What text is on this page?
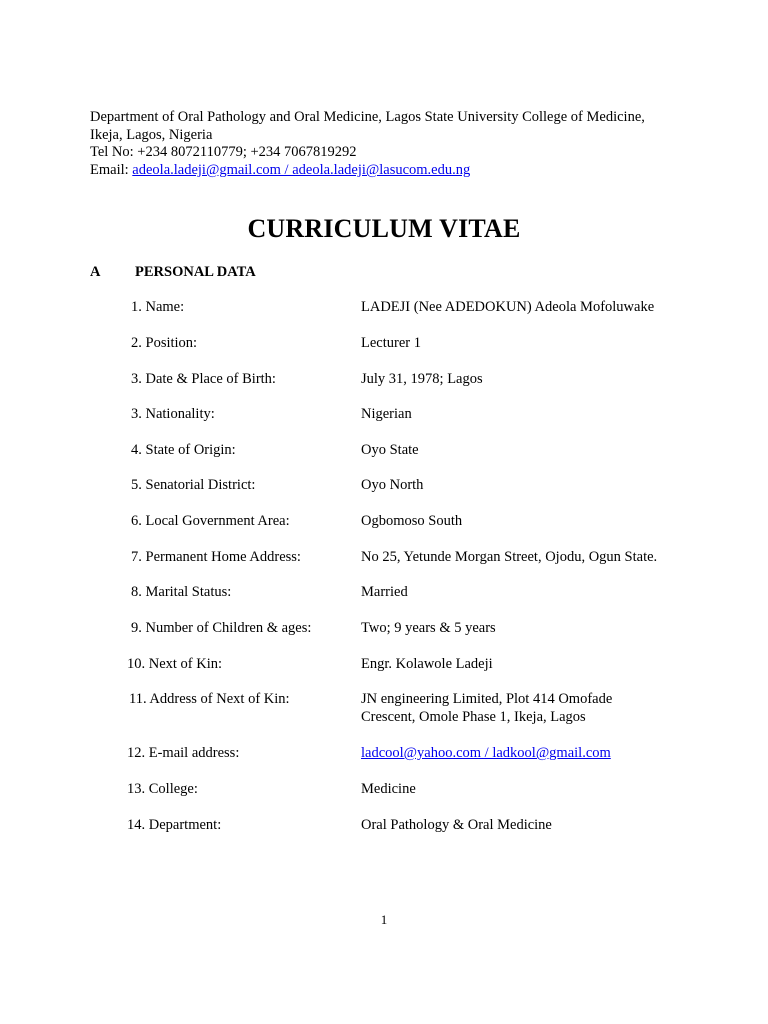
Department of Oral Pathology and Oral Medicine, Lagos State University College of Medicine,
Ikeja, Lagos, Nigeria
Tel No: +234 8072110779; +234 7067819292
Email: adeola.ladeji@gmail.com / adeola.ladeji@lasucom.edu.ng
CURRICULUM VITAE
A PERSONAL DATA
1. Name:	LADEJI (Nee ADEDOKUN) Adeola Mofoluwake
2. Position:	Lecturer 1
3. Date & Place of Birth:	July 31, 1978; Lagos
3. Nationality:	Nigerian
4. State of Origin:	Oyo State
5. Senatorial District:	Oyo North
6. Local Government Area:	Ogbomoso South
7. Permanent Home Address:	No 25, Yetunde Morgan Street, Ojodu, Ogun State.
8. Marital Status:	Married
9. Number of Children & ages:	Two; 9 years & 5 years
10. Next of Kin:	Engr. Kolawole Ladeji
11. Address of Next of Kin:	JN engineering Limited, Plot 414 Omofade
Crescent, Omole Phase 1, Ikeja, Lagos
12. E-mail address:	ladcool@yahoo.com / ladkool@gmail.com
13. College:	Medicine
14. Department:	Oral Pathology & Oral Medicine
1
